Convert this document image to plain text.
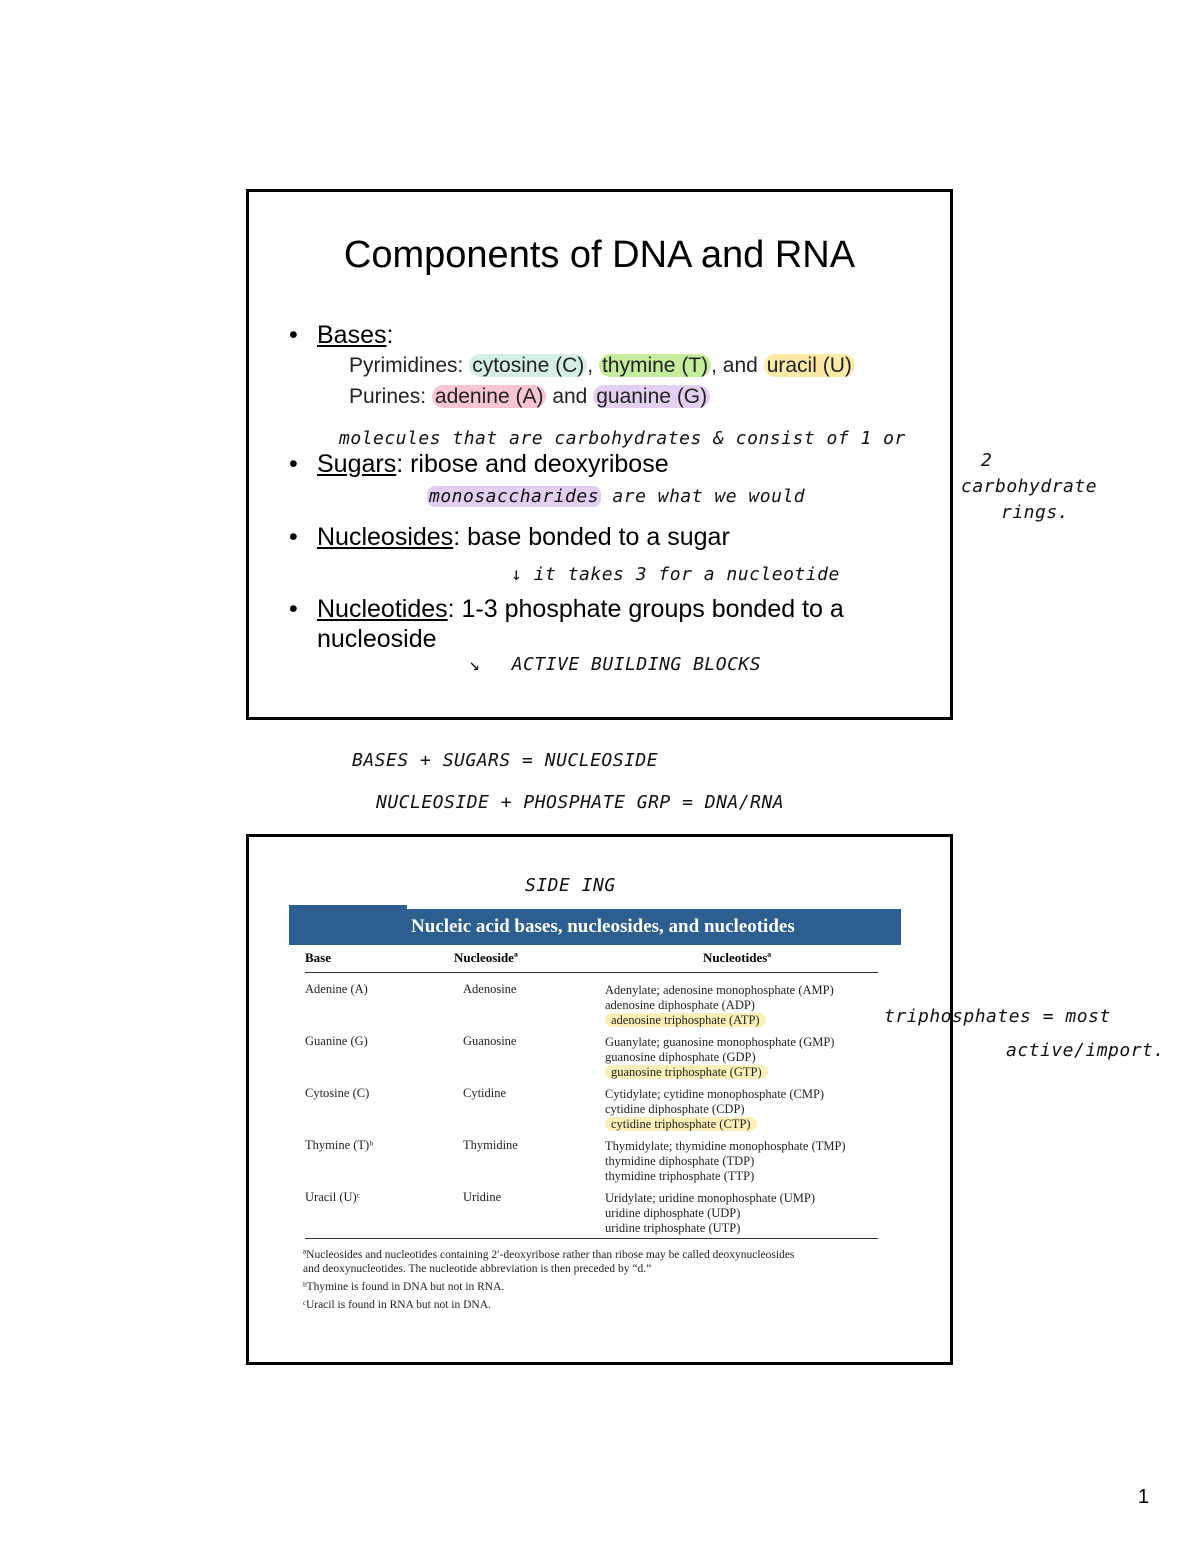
Components of DNA and RNA
• Bases:
Pyrimidines: cytosine (C) , thymine (T) , and uracil (U)
Purines: adenine (A) and guanine (G)
molecules that are carbohydrates & consist of 1 or
2
• Sugars: ribose and deoxyribose
monosaccharides are what we would	carbohydrate
rings.
• Nucleosides: base bonded to a sugar
↓ it takes 3 for a nucleotide
• Nucleotides: 1-3 phosphate groups bonded to a
nucleoside
↘ ACTIVE BUILDING BLOCKS
BASES + SUGARS = NUCLEOSIDE
NUCLEOSIDE + PHOSPHATE GRP = DNA/RNA
SIDE ING
Nucleic acid bases, nucleosides, and nucleotides
Base	Nucleosideª	Nucleotidesª
Adenine (A)	Adenosine	Adenylate; adenosine monophosphate (AMP)
adenosine diphosphate (ADP)
adenosine triphosphate (ATP)
Guanine (G)	Guanosine	Guanylate; guanosine monophosphate (GMP)
guanosine diphosphate (GDP)
guanosine triphosphate (GTP)
Cytosine (C)	Cytidine	Cytidylate; cytidine monophosphate (CMP)
cytidine diphosphate (CDP)
cytidine triphosphate (CTP)
Thymine (T)ᵇ	Thymidine	Thymidylate; thymidine monophosphate (TMP)
thymidine diphosphate (TDP)
thymidine triphosphate (TTP)
Uracil (U)ᶜ	Uridine	Uridylate; uridine monophosphate (UMP)
uridine diphosphate (UDP)
uridine triphosphate (UTP)
ªNucleosides and nucleotides containing 2′-deoxyribose rather than ribose may be called deoxynucleosides
and deoxynucleotides. The nucleotide abbreviation is then preceded by “d.”
ᵇThymine is found in DNA but not in RNA.
ᶜUracil is found in RNA but not in DNA.
triphosphates = most
active/import.
1
